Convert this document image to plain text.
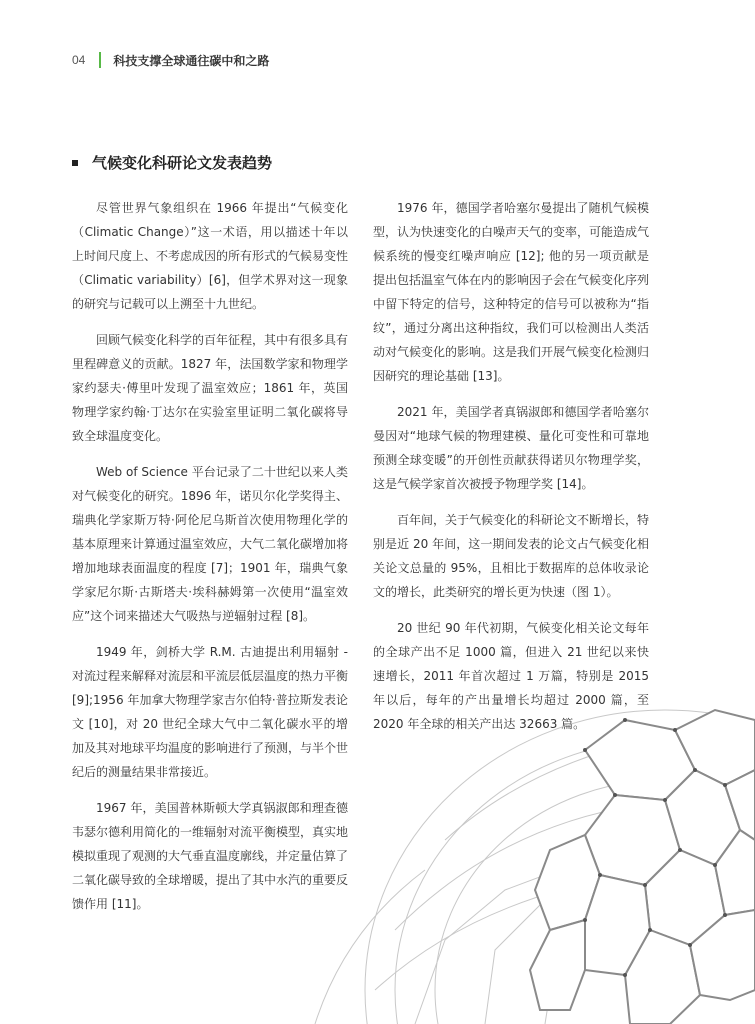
04 科技支撑全球通往碳中和之路
气候变化科研论文发表趋势

尽管世界气象组织在 1966 年提出“气候变化（Climatic Change）”这一术语，用以描述十年以上时间尺度上、不考虑成因的所有形式的气候易变性（Climatic variability）[6]，但学术界对这一现象的研究与记载可以上溯至十九世纪。

回顾气候变化科学的百年征程，其中有很多具有里程碑意义的贡献。1827 年，法国数学家和物理学家约瑟夫·傅里叶发现了温室效应；1861 年，英国物理学家约翰·丁达尔在实验室里证明二氧化碳将导致全球温度变化。

Web of Science 平台记录了二十世纪以来人类对气候变化的研究。1896 年，诺贝尔化学奖得主、瑞典化学家斯万特·阿伦尼乌斯首次使用物理化学的基本原理来计算通过温室效应，大气二氧化碳增加将增加地球表面温度的程度 [7]；1901 年，瑞典气象学家尼尔斯·古斯塔夫·埃科赫姆第一次使用“温室效应”这个词来描述大气吸热与逆辐射过程 [8]。

1949 年，剑桥大学 R.M. 古迪提出利用辐射 - 对流过程来解释对流层和平流层低层温度的热力平衡 [9];1956 年加拿大物理学家吉尔伯特·普拉斯发表论文 [10]，对 20 世纪全球大气中二氧化碳水平的增加及其对地球平均温度的影响进行了预测，与半个世纪后的测量结果非常接近。

1967 年，美国普林斯顿大学真锅淑郎和理查德韦瑟尔德利用简化的一维辐射对流平衡模型，真实地模拟重现了观测的大气垂直温度廓线，并定量估算了二氧化碳导致的全球增暖，提出了其中水汽的重要反馈作用 [11]。

1976 年，德国学者哈塞尔曼提出了随机气候模型，认为快速变化的白噪声天气的变率，可能造成气候系统的慢变红噪声响应 [12]; 他的另一项贡献是提出包括温室气体在内的影响因子会在气候变化序列中留下特定的信号，这种特定的信号可以被称为“指纹”，通过分离出这种指纹，我们可以检测出人类活动对气候变化的影响。这是我们开展气候变化检测归因研究的理论基础 [13]。

2021 年，美国学者真锅淑郎和德国学者哈塞尔曼因对“地球气候的物理建模、量化可变性和可靠地预测全球变暖”的开创性贡献获得诺贝尔物理学奖，这是气候学家首次被授予物理学奖 [14]。

百年间，关于气候变化的科研论文不断增长，特别是近 20 年间，这一期间发表的论文占气候变化相关论文总量的 95%，且相比于数据库的总体收录论文的增长，此类研究的增长更为快速（图 1）。

20 世纪 90 年代初期，气候变化相关论文每年的全球产出不足 1000 篇，但进入 21 世纪以来快速增长，2011 年首次超过 1 万篇，特别是 2015 年以后，每年的产出量增长均超过 2000 篇，至 2020 年全球的相关产出达 32663 篇。
